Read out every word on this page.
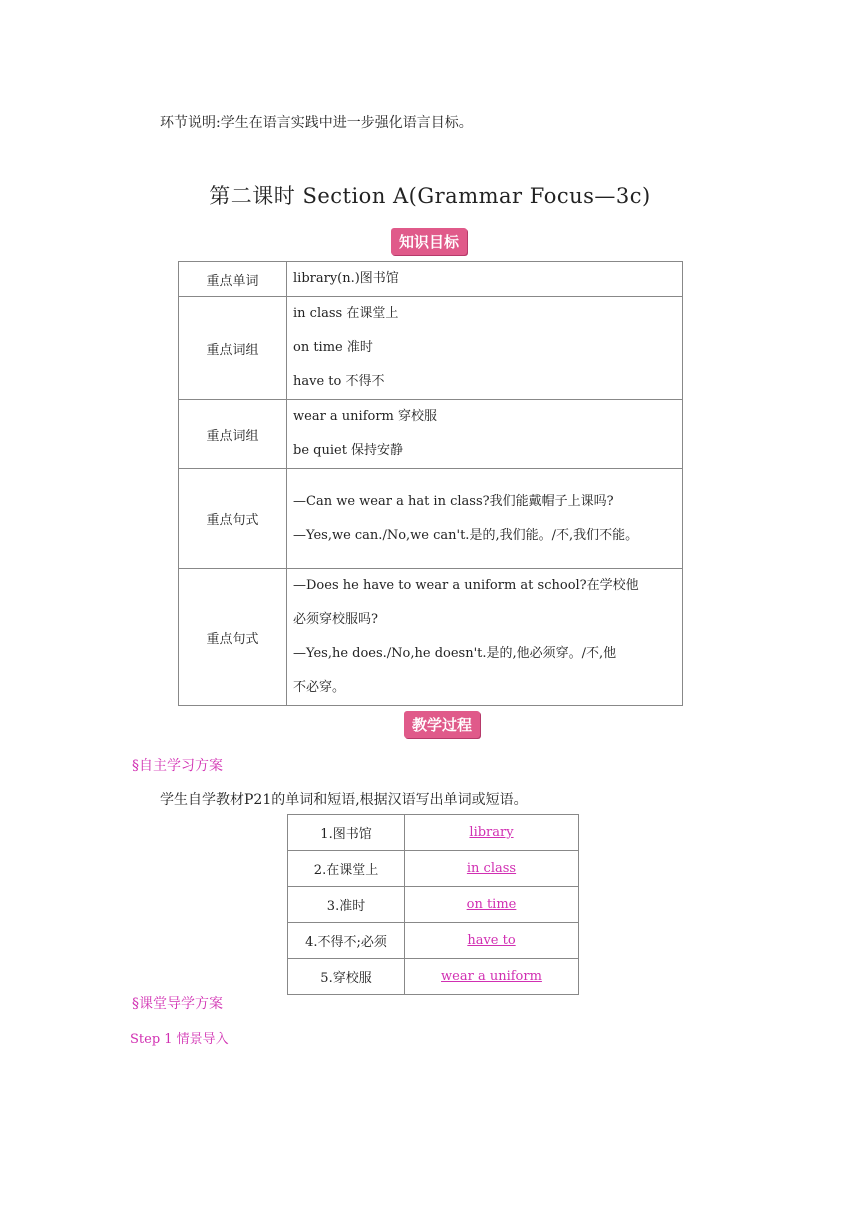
环节说明:学生在语言实践中进一步强化语言目标。
第二课时 Section A(Grammar Focus—3c)
知识目标
重点单词	library(n.)图书馆

重点词组	in class 在课堂上
on time 准时
have to 不得不

重点词组	wear a uniform 穿校服
be quiet 保持安静

重点句式	—Can we wear a hat in class?我们能戴帽子上课吗?
—Yes,we can./No,we can't.是的,我们能。/不,我们不能。

重点句式	—Does he have to wear a uniform at school?在学校他
必须穿校服吗?
—Yes,he does./No,he doesn't.是的,他必须穿。/不,他
不必穿。
教学过程
§自主学习方案
学生自学教材P21的单词和短语,根据汉语写出单词或短语。
1.图书馆	library
2.在课堂上	in class
3.准时	on time
4.不得不;必须	have to
5.穿校服	wear a uniform
§课堂导学方案
Step 1 情景导入
